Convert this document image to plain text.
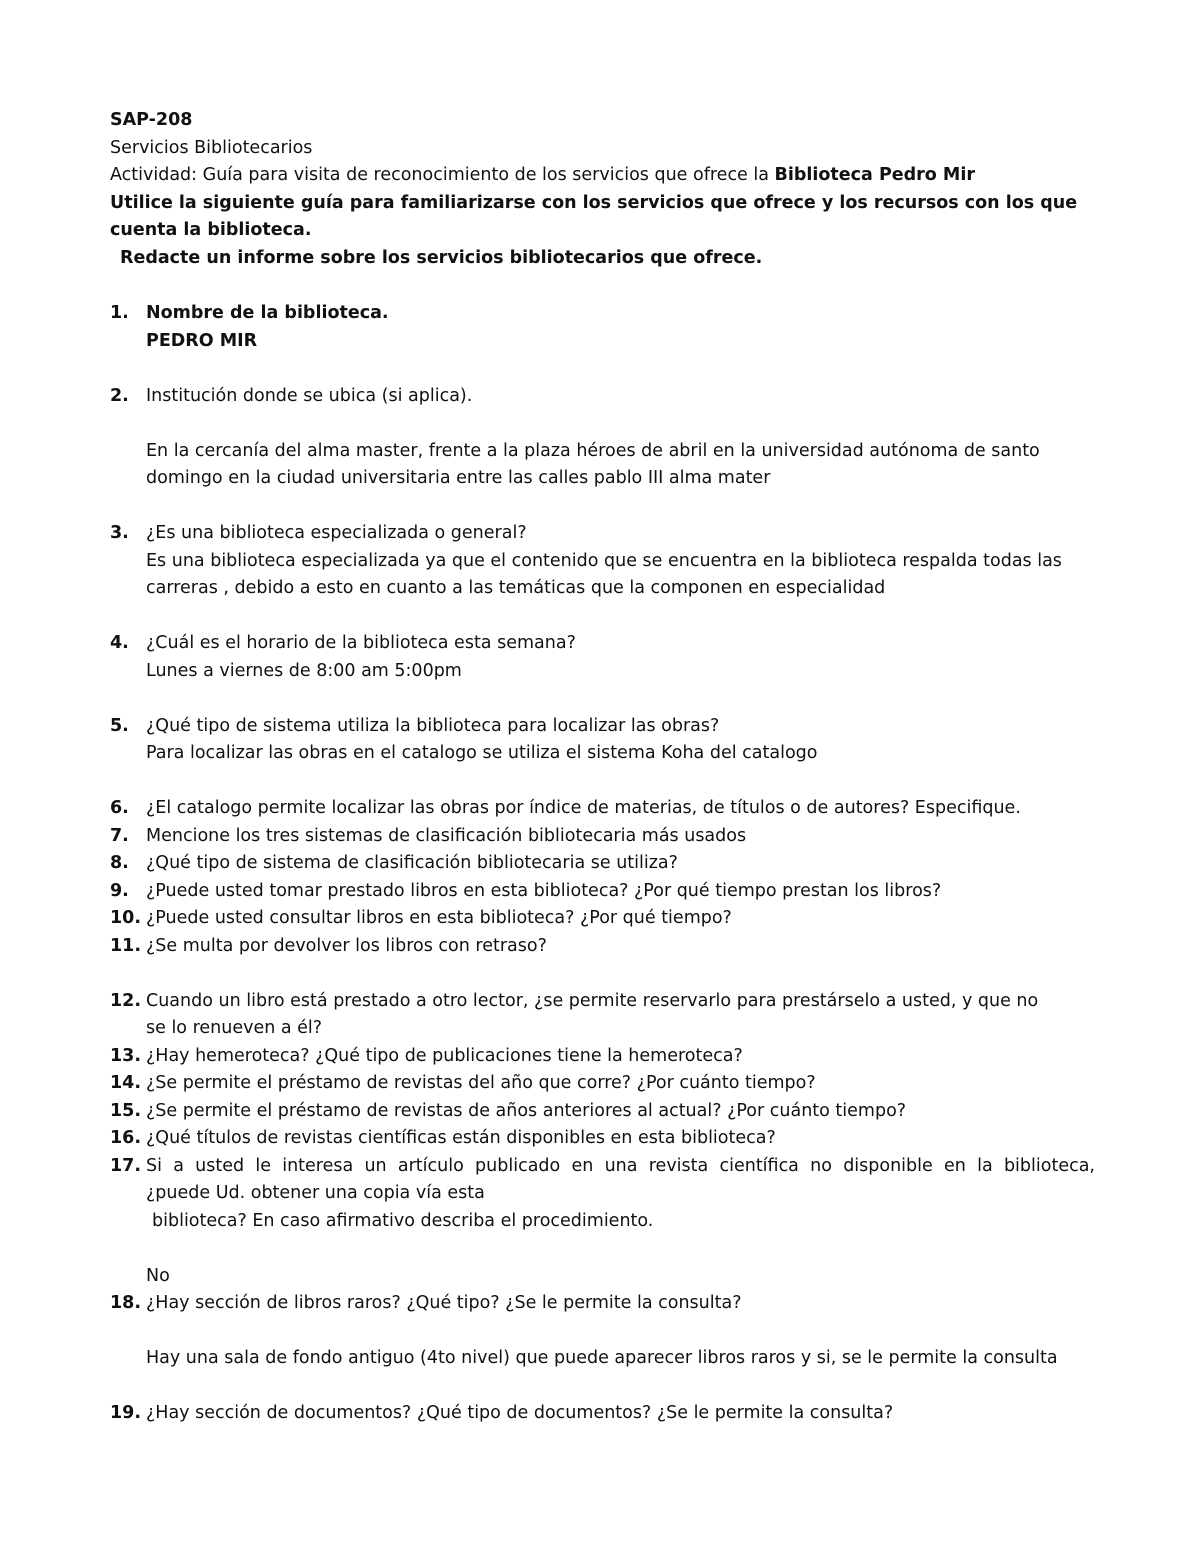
SAP-208
Servicios Bibliotecarios
Actividad: Guía para visita de reconocimiento de los servicios que ofrece la Biblioteca Pedro Mir
Utilice la siguiente guía para familiarizarse con los servicios que ofrece y los recursos con los que
cuenta la biblioteca.
Redacte un informe sobre los servicios bibliotecarios que ofrece.
1. Nombre de la biblioteca.
PEDRO MIR
2. Institución donde se ubica (si aplica).
En la cercanía del alma master, frente a la plaza héroes de abril en la universidad autónoma de santo
domingo en la ciudad universitaria entre las calles pablo III alma mater
3. ¿Es una biblioteca especializada o general?
Es una biblioteca especializada ya que el contenido que se encuentra en la biblioteca respalda todas las
carreras , debido a esto en cuanto a las temáticas que la componen en especialidad
4. ¿Cuál es el horario de la biblioteca esta semana?
Lunes a viernes de 8:00 am 5:00pm
5. ¿Qué tipo de sistema utiliza la biblioteca para localizar las obras?
Para localizar las obras en el catalogo se utiliza el sistema Koha del catalogo
6. ¿El catalogo permite localizar las obras por índice de materias, de títulos o de autores? Especifique.
7. Mencione los tres sistemas de clasificación bibliotecaria más usados
8. ¿Qué tipo de sistema de clasificación bibliotecaria se utiliza?
9. ¿Puede usted tomar prestado libros en esta biblioteca? ¿Por qué tiempo prestan los libros?
10. ¿Puede usted consultar libros en esta biblioteca? ¿Por qué tiempo?
11. ¿Se multa por devolver los libros con retraso?
12. Cuando un libro está prestado a otro lector, ¿se permite reservarlo para prestárselo a usted, y que no
se lo renueven a él?
13. ¿Hay hemeroteca? ¿Qué tipo de publicaciones tiene la hemeroteca?
14. ¿Se permite el préstamo de revistas del año que corre? ¿Por cuánto tiempo?
15. ¿Se permite el préstamo de revistas de años anteriores al actual? ¿Por cuánto tiempo?
16. ¿Qué títulos de revistas científicas están disponibles en esta biblioteca?
17. Si a usted le interesa un artículo publicado en una revista científica no disponible en la biblioteca,
¿puede Ud. obtener una copia vía esta
biblioteca? En caso afirmativo describa el procedimiento.
No
18. ¿Hay sección de libros raros? ¿Qué tipo? ¿Se le permite la consulta?
Hay una sala de fondo antiguo (4to nivel) que puede aparecer libros raros y si, se le permite la consulta
19. ¿Hay sección de documentos? ¿Qué tipo de documentos? ¿Se le permite la consulta?
